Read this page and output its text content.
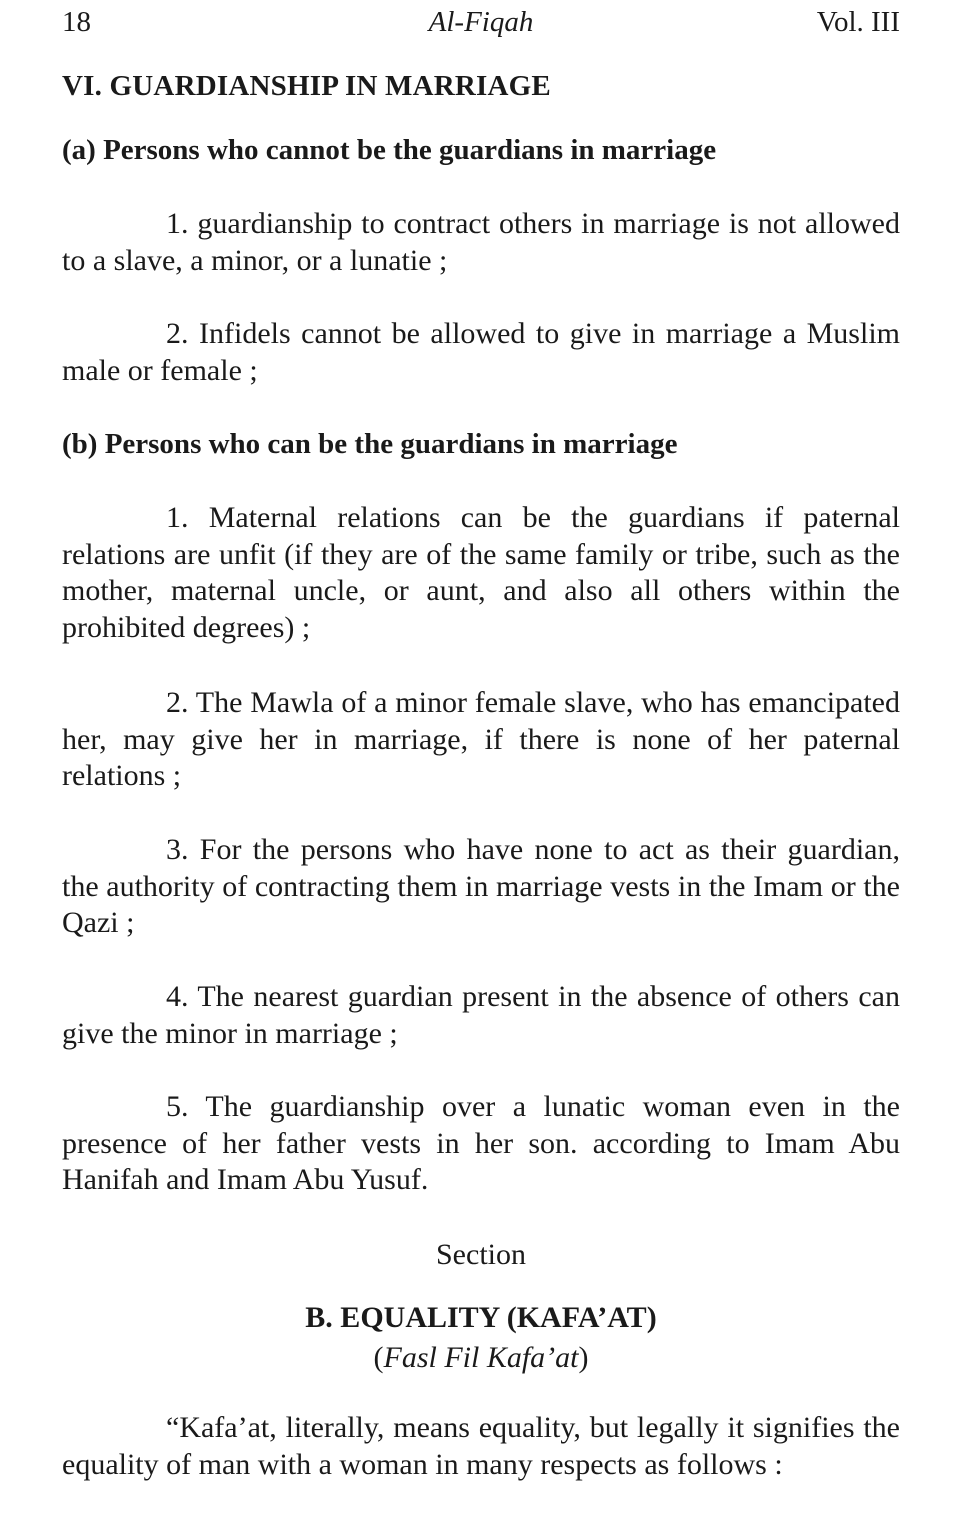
18	Al-Fiqah	Vol. III
VI. GUARDIANSHIP IN MARRIAGE
(a) Persons who cannot be the guardians in marriage
1. guardianship to contract others in marriage is not allowed to a slave, a minor, or a lunatie ;
2. Infidels cannot be allowed to give in marriage a Muslim male or female ;
(b) Persons who can be the guardians in marriage
1. Maternal relations can be the guardians if paternal relations are unfit (if they are of the same family or tribe, such as the mother, maternal uncle, or aunt, and also all others within the prohibited degrees) ;
2. The Mawla of a minor female slave, who has emancipated her, may give her in marriage, if there is none of her paternal relations ;
3. For the persons who have none to act as their guardian, the authority of contracting them in marriage vests in the Imam or the Qazi ;
4. The nearest guardian present in the absence of others can give the minor in marriage ;
5. The guardianship over a lunatic woman even in the presence of her father vests in her son. according to Imam Abu Hanifah and Imam Abu Yusuf.
Section
B. EQUALITY (KAFA’AT)
(Fasl Fil Kafa’at)
“Kafa’at, literally, means equality, but legally it signifies the equality of man with a woman in many respects as follows :
